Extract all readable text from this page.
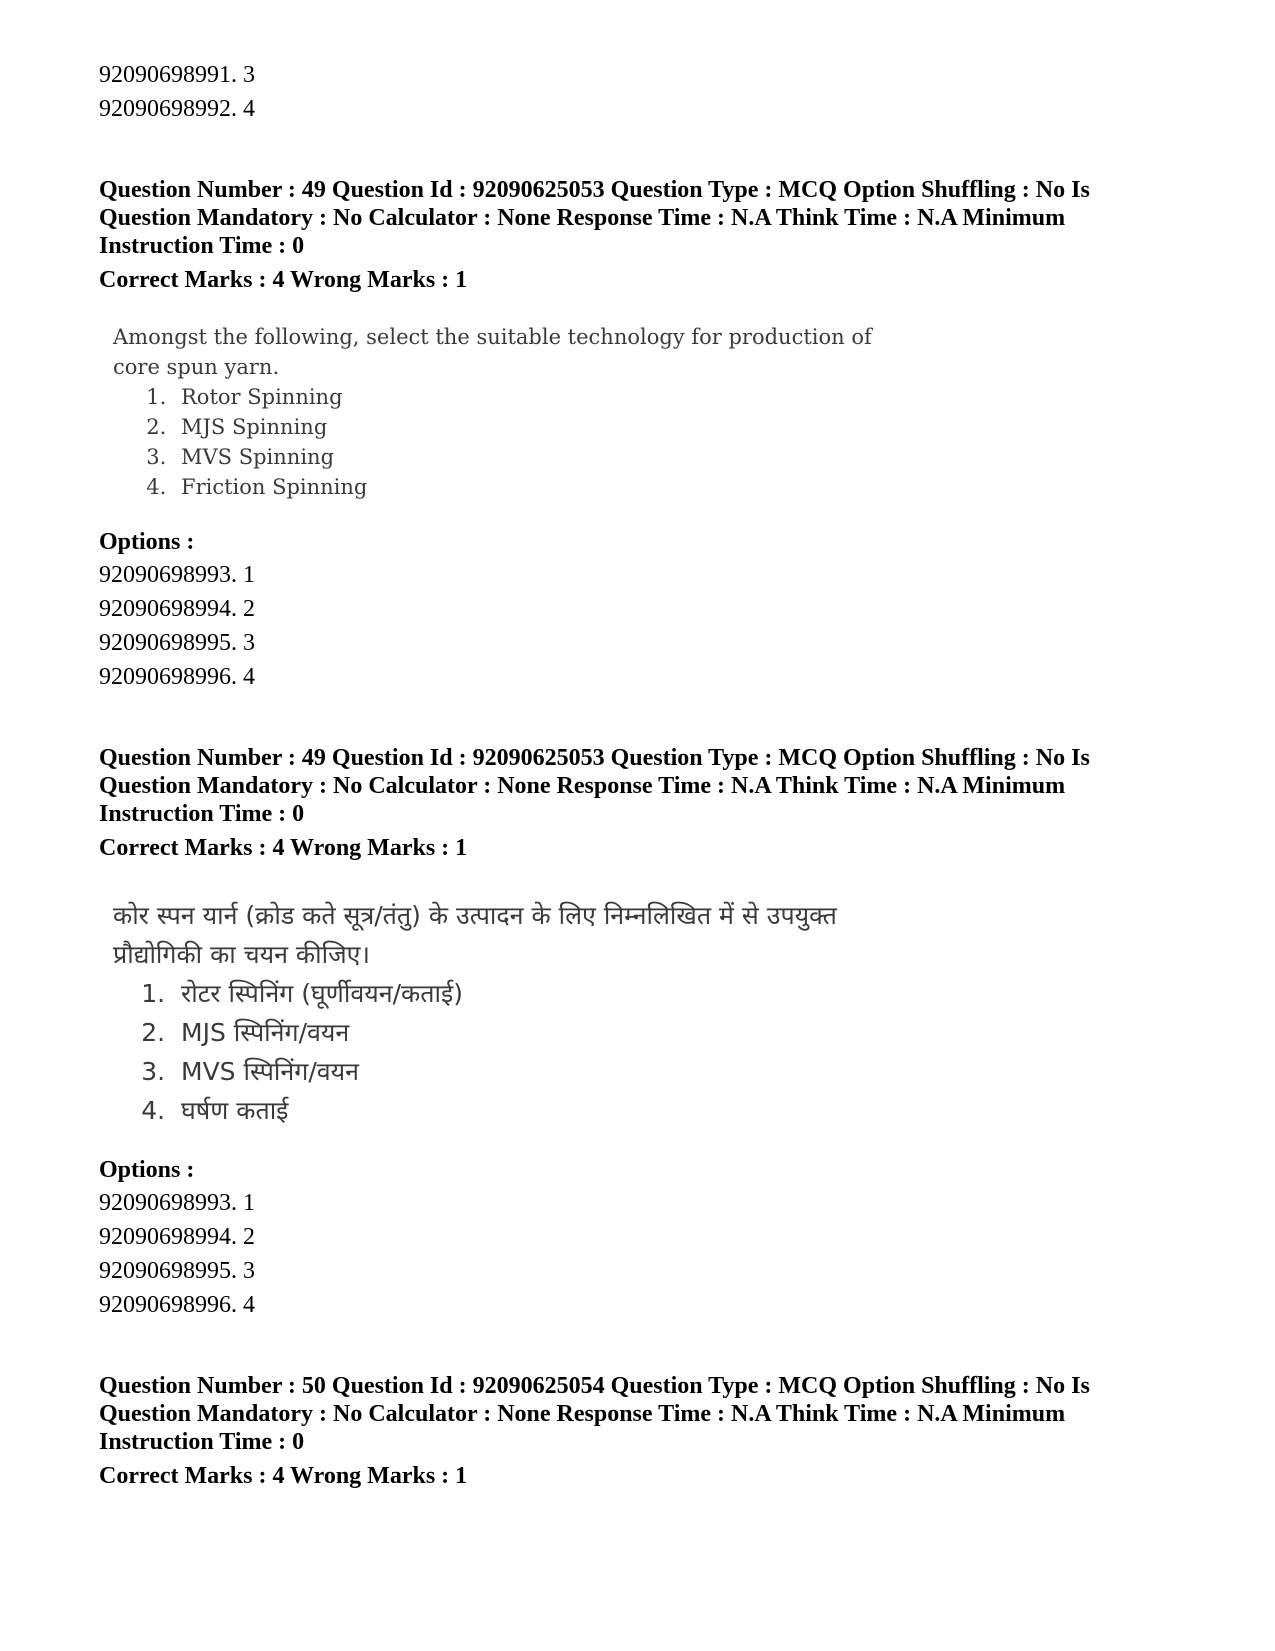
92090698991. 3

92090698992. 4

Question Number : 49 Question Id : 92090625053 Question Type : MCQ Option Shuffling : No Is

Question Mandatory : No Calculator : None Response Time : N.A Think Time : N.A Minimum

Instruction Time : 0

Correct Marks : 4 Wrong Marks : 1

Amongst the following, select the suitable technology for production of
core spun yarn.
1. Rotor Spinning
2. MJS Spinning
3. MVS Spinning
4. Friction Spinning

Options :

92090698993. 1

92090698994. 2

92090698995. 3

92090698996. 4

Question Number : 49 Question Id : 92090625053 Question Type : MCQ Option Shuffling : No Is

Question Mandatory : No Calculator : None Response Time : N.A Think Time : N.A Minimum

Instruction Time : 0

Correct Marks : 4 Wrong Marks : 1

कोर स्पन यार्न (क्रोड कते सूत्र/तंतु) के उत्पादन के लिए निम्नलिखित में से उपयुक्त
प्रौद्योगिकी का चयन कीजिए।
1. रोटर स्पिनिंग (घूर्णीवयन/कताई)
2. MJS स्पिनिंग/वयन
3. MVS स्पिनिंग/वयन
4. घर्षण कताई

Options :

92090698993. 1

92090698994. 2

92090698995. 3

92090698996. 4

Question Number : 50 Question Id : 92090625054 Question Type : MCQ Option Shuffling : No Is

Question Mandatory : No Calculator : None Response Time : N.A Think Time : N.A Minimum

Instruction Time : 0

Correct Marks : 4 Wrong Marks : 1
